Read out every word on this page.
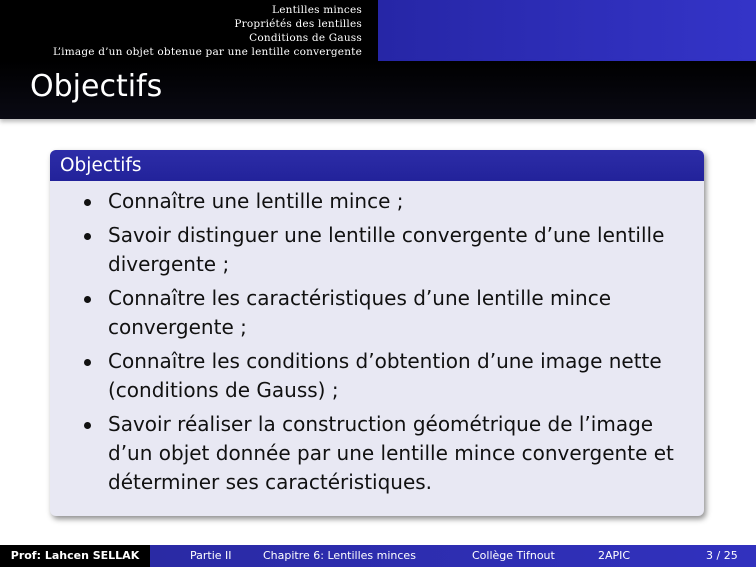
Lentilles minces
Propriétés des lentilles
Conditions de Gauss
L’image d’un objet obtenue par une lentille convergente
Objectifs
Objectifs
Connaître une lentille mince ;
Savoir distinguer une lentille convergente d’une lentille divergente ;
Connaître les caractéristiques d’une lentille mince convergente ;
Connaître les conditions d’obtention d’une image nette (conditions de Gauss) ;
Savoir réaliser la construction géométrique de l’image d’un objet donnée par une lentille mince convergente et déterminer ses caractéristiques.
Prof: Lahcen SELLAK	Partie II	Chapitre 6: Lentilles minces	Collège Tifnout	2APIC	3 / 25
